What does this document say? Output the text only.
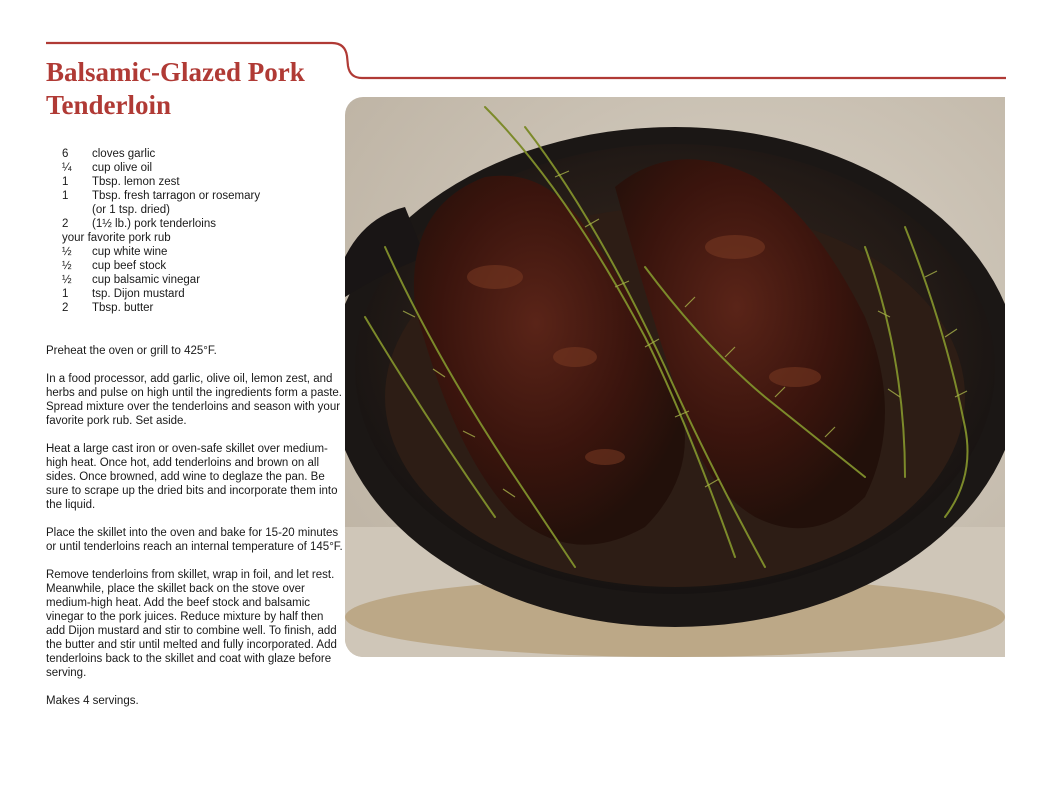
Balsamic-Glazed Pork
Tenderloin
6	cloves garlic
¼	cup olive oil
1	Tbsp. lemon zest
1	Tbsp. fresh tarragon or rosemary
(or 1 tsp. dried)
2	(1½ lb.) pork tenderloins
your favorite pork rub
½	cup white wine
½	cup beef stock
½	cup balsamic vinegar
1	tsp. Dijon mustard
2	Tbsp. butter

Preheat the oven or grill to 425°F.

In a food processor, add garlic, olive oil, lemon zest, and herbs and pulse on high until the ingredients form a paste. Spread mixture over the tenderloins and season with your favorite pork rub. Set aside.

Heat a large cast iron or oven-safe skillet over medium-high heat. Once hot, add tenderloins and brown on all sides. Once browned, add wine to deglaze the pan. Be sure to scrape up the dried bits and incorporate them into the liquid.

Place the skillet into the oven and bake for 15-20 minutes or until tenderloins reach an internal temperature of 145°F.

Remove tenderloins from skillet, wrap in foil, and let rest. Meanwhile, place the skillet back on the stove over medium-high heat. Add the beef stock and balsamic vinegar to the pork juices. Reduce mixture by half then add Dijon mustard and stir to combine well. To finish, add the butter and stir until melted and fully incorporated. Add tenderloins back to the skillet and coat with glaze before serving.

Makes 4 servings.
